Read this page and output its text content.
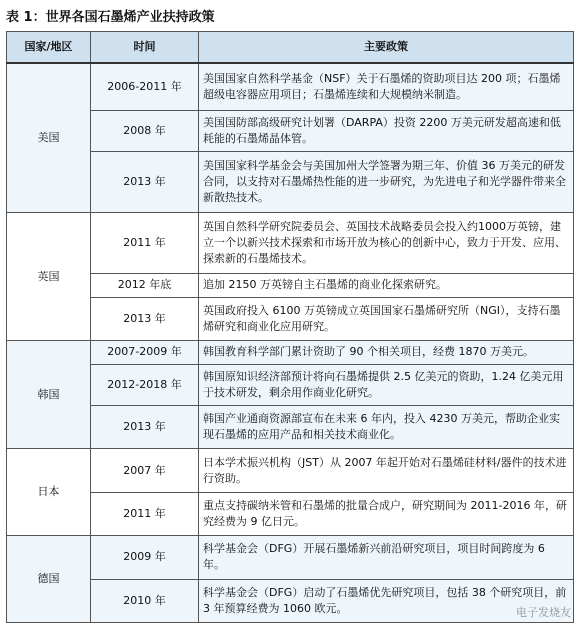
表 1：世界各国石墨烯产业扶持政策
国家/地区	时间	主要政策
美国	2006-2011 年	美国国家自然科学基金（NSF）关于石墨烯的资助项目达 200 项；石墨烯超级电容器应用项目；石墨烯连续和大规模纳米制造。
	2008 年	美国国防部高级研究计划署（DARPA）投资 2200 万美元研发超高速和低耗能的石墨烯晶体管。
	2013 年	美国国家科学基金会与美国加州大学签署为期三年、价值 36 万美元的研发合同，以支持对石墨烯热性能的进一步研究，为先进电子和光学器件带来全新散热技术。
英国	2011 年	英国自然科学研究院委员会、英国技术战略委员会投入约1000万英镑，建立一个以新兴技术探索和市场开放为核心的创新中心，致力于开发、应用、探索新的石墨烯技术。
	2012 年底	追加 2150 万英镑自主石墨烯的商业化探索研究。
	2013 年	英国政府投入 6100 万英镑成立英国国家石墨烯研究所（NGI），支持石墨烯研究和商业化应用研究。
韩国	2007-2009 年	韩国教育科学部门累计资助了 90 个相关项目，经费 1870 万美元。
	2012-2018 年	韩国原知识经济部预计将向石墨烯提供 2.5 亿美元的资助，1.24 亿美元用于技术研发，剩余用作商业化研究。
	2013 年	韩国产业通商资源部宣布在未来 6 年内，投入 4230 万美元，帮助企业实现石墨烯的应用产品和相关技术商业化。
日本	2007 年	日本学术振兴机构（JST）从 2007 年起开始对石墨烯硅材料/器件的技术进行资助。
	2011 年	重点支持碳纳米管和石墨烯的批量合成户，研究期间为 2011-2016 年，研究经费为 9 亿日元。
德国	2009 年	科学基金会（DFG）开展石墨烯新兴前沿研究项目，项目时间跨度为 6 年。
	2010 年	科学基金会（DFG）启动了石墨烯优先研究项目，包括 38 个研究项目，前 3 年预算经费为 1060 欧元。	电子发烧友
